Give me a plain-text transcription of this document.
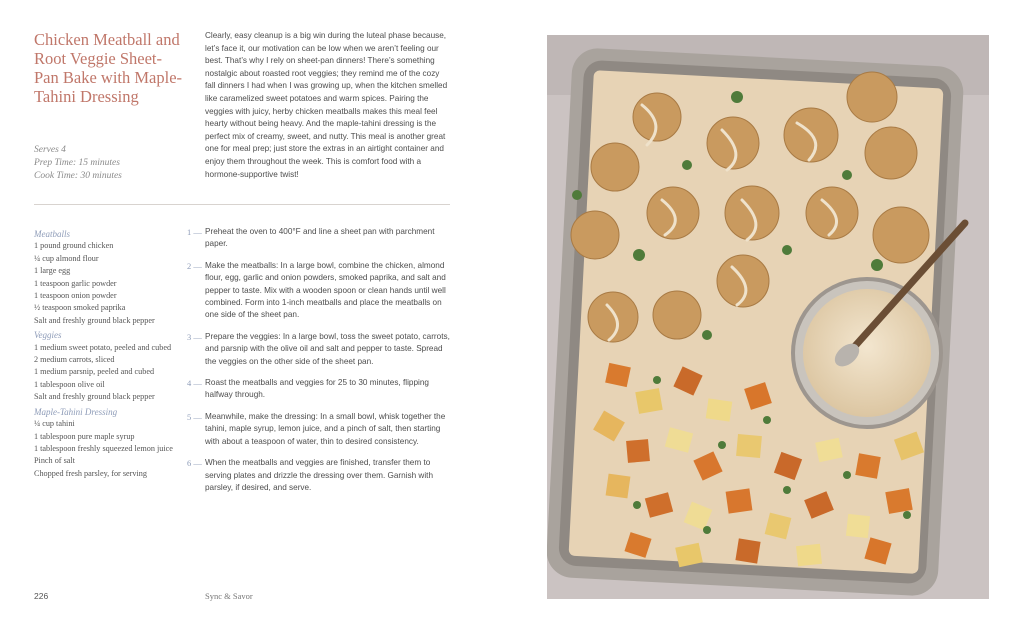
Chicken Meatball and Root Veggie Sheet-Pan Bake with Maple-Tahini Dressing
Serves 4
Prep Time: 15 minutes
Cook Time: 30 minutes

Clearly, easy cleanup is a big win during the luteal phase because, let’s face it, our motivation can be low when we aren’t feeling our best. That’s why I rely on sheet-pan dinners! There’s something nostalgic about roasted root veggies; they remind me of the cozy fall dinners I had when I was growing up, when the kitchen smelled like caramelized sweet potatoes and warm spices. Pairing the veggies with juicy, herby chicken meatballs makes this meal feel hearty without being heavy. And the maple-tahini dressing is the perfect mix of creamy, sweet, and nutty. This meal is another great one for meal prep; just store the extras in an airtight container and enjoy them throughout the week. This is comfort food with a hormone-supportive twist!

Meatballs
1 pound ground chicken
¼ cup almond flour
1 large egg
1 teaspoon garlic powder
1 teaspoon onion powder
½ teaspoon smoked paprika
Salt and freshly ground black pepper
Veggies
1 medium sweet potato, peeled and cubed
2 medium carrots, sliced
1 medium parsnip, peeled and cubed
1 tablespoon olive oil
Salt and freshly ground black pepper
Maple-Tahini Dressing
¼ cup tahini
1 tablespoon pure maple syrup
1 tablespoon freshly squeezed lemon juice
Pinch of salt
Chopped fresh parsley, for serving
1 — Preheat the oven to 400°F and line a sheet pan with parchment paper.
2 — Make the meatballs: In a large bowl, combine the chicken, almond flour, egg, garlic and onion powders, smoked paprika, and salt and pepper to taste. Mix with a wooden spoon or clean hands until well combined. Form into 1-inch meatballs and place the meatballs on one side of the sheet pan.
3 — Prepare the veggies: In a large bowl, toss the sweet potato, carrots, and parsnip with the olive oil and salt and pepper to taste. Spread the veggies on the other side of the sheet pan.
4 — Roast the meatballs and veggies for 25 to 30 minutes, flipping halfway through.
5 — Meanwhile, make the dressing: In a small bowl, whisk together the tahini, maple syrup, lemon juice, and a pinch of salt, then starting with about a teaspoon of water, thin to desired consistency.
6 — When the meatballs and veggies are finished, transfer them to serving plates and drizzle the dressing over them. Garnish with parsley, if desired, and serve.
226	Sync & Savor
